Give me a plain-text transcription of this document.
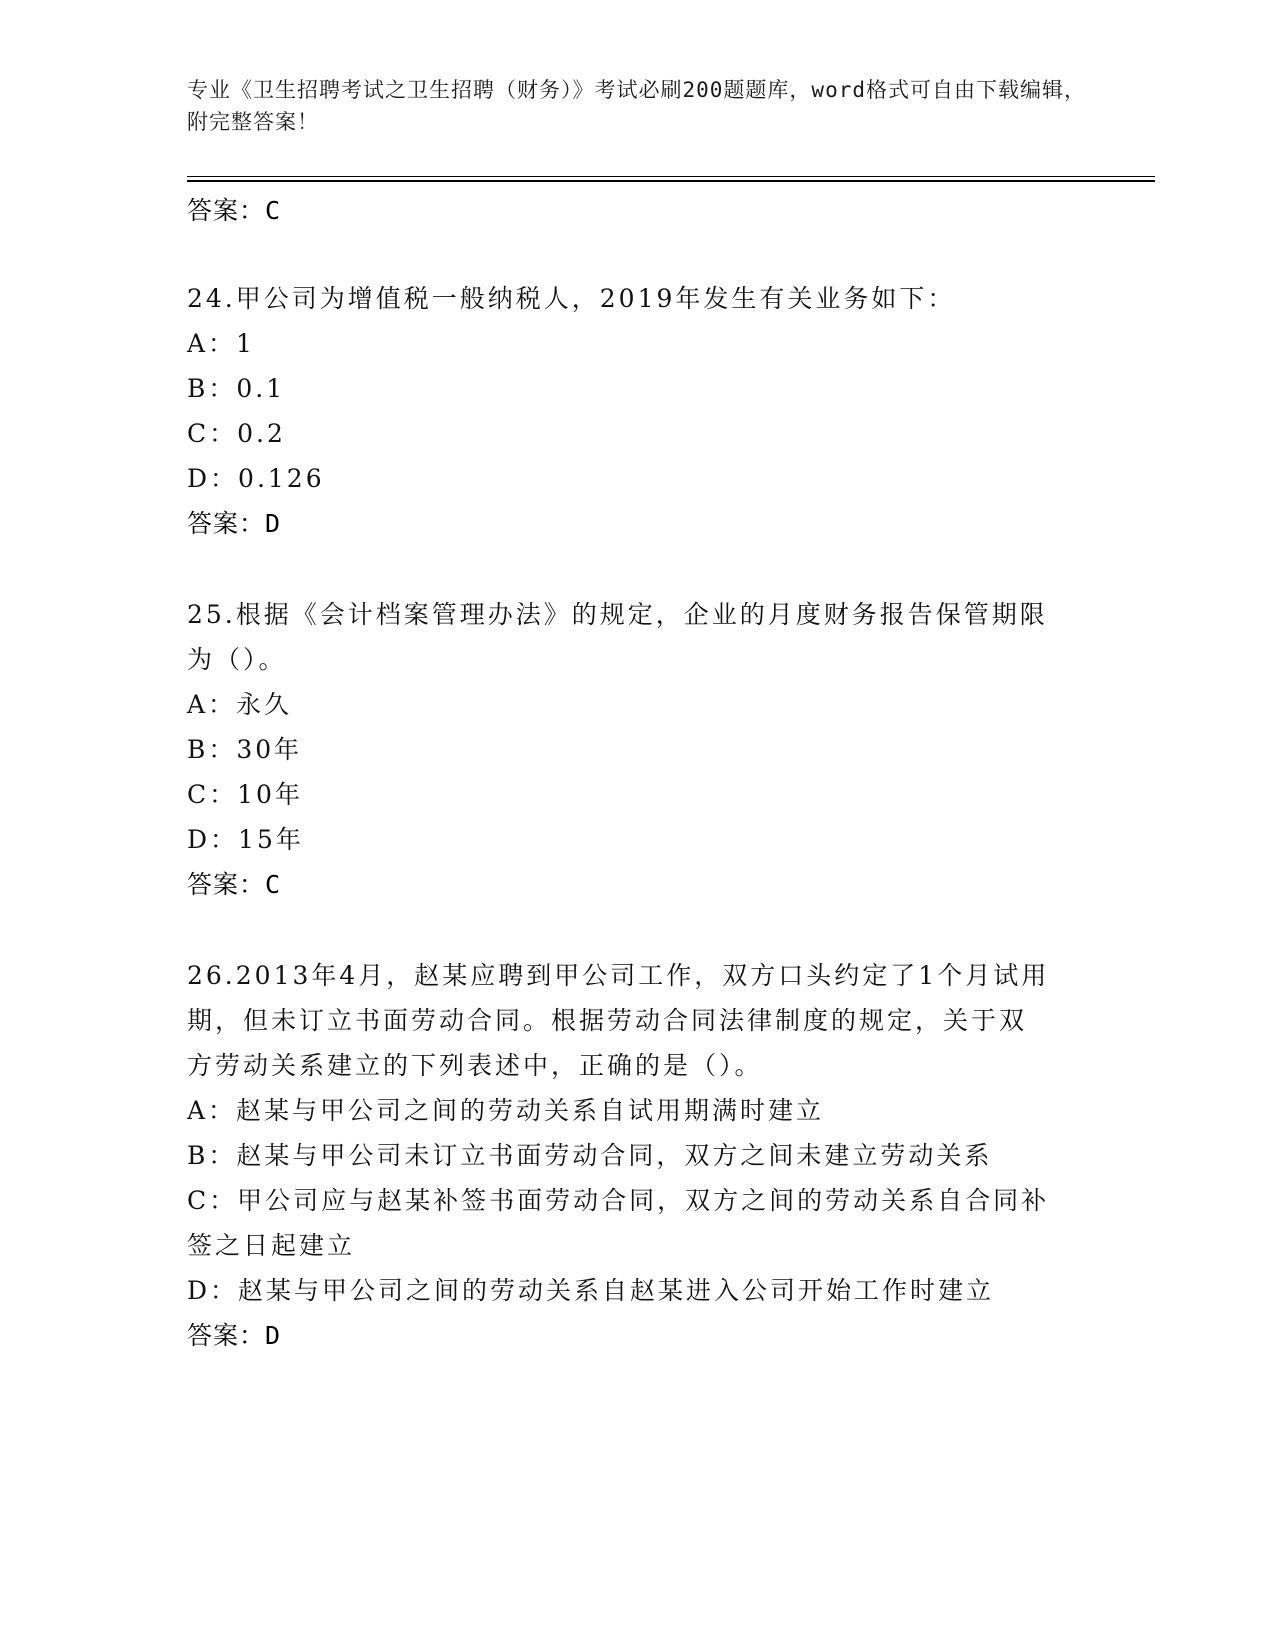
专业《卫生招聘考试之卫生招聘（财务）》考试必刷200题题库，word格式可自由下载编辑，附完整答案！
答案：C
24.甲公司为增值税一般纳税人，2019年发生有关业务如下：
A：1
B：0.1
C：0.2
D：0.126
答案：D
25.根据《会计档案管理办法》的规定，企业的月度财务报告保管期限
为（）。
A：永久
B：30年
C：10年
D：15年
答案：C
26.2013年4月，赵某应聘到甲公司工作，双方口头约定了1个月试用
期，但未订立书面劳动合同。根据劳动合同法律制度的规定，关于双
方劳动关系建立的下列表述中，正确的是（）。
A：赵某与甲公司之间的劳动关系自试用期满时建立
B：赵某与甲公司未订立书面劳动合同，双方之间未建立劳动关系
C：甲公司应与赵某补签书面劳动合同，双方之间的劳动关系自合同补
签之日起建立
D：赵某与甲公司之间的劳动关系自赵某进入公司开始工作时建立
答案：D
